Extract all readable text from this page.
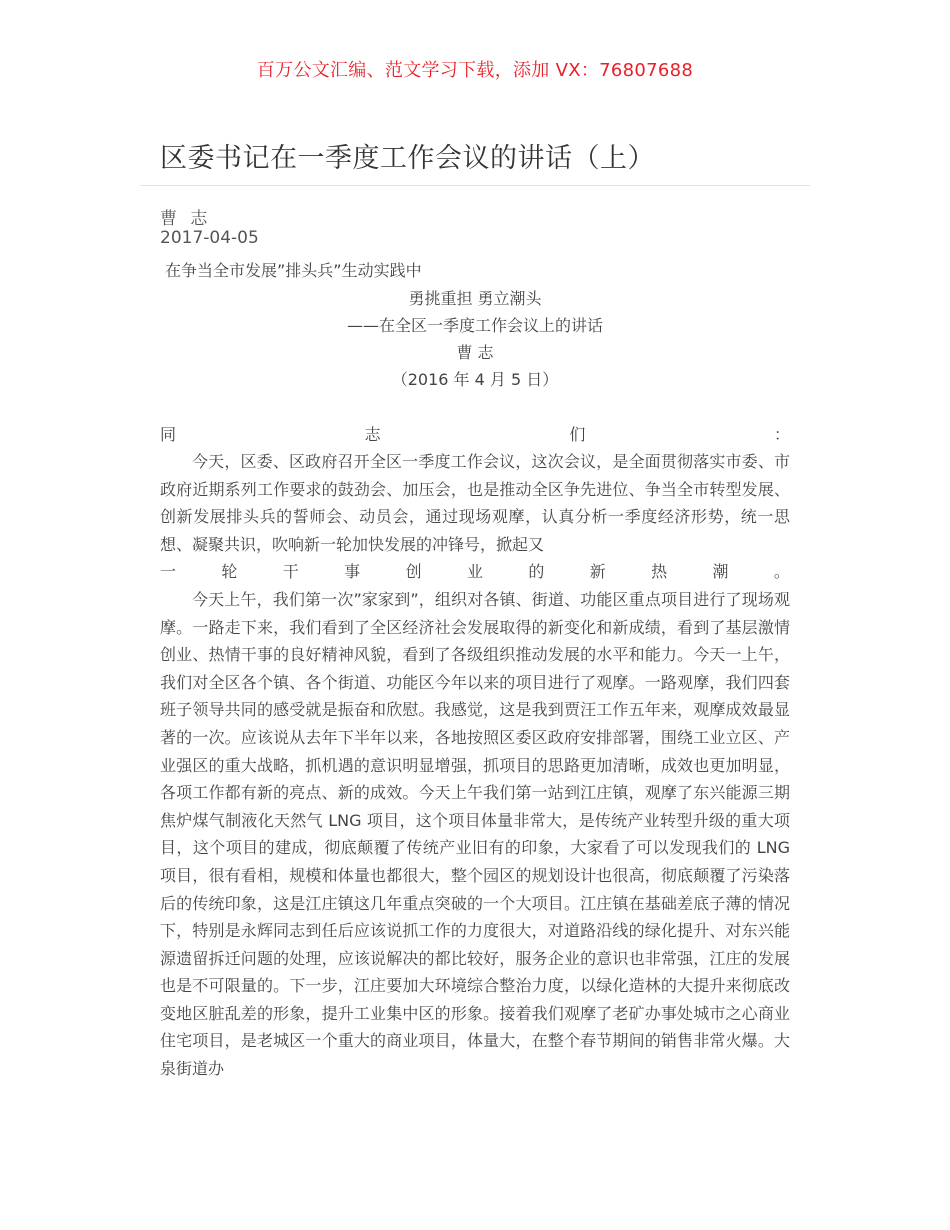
百万公文汇编、范文学习下载，添加 VX：76807688
区委书记在一季度工作会议的讲话（上）
曹 志
2017-04-05
在争当全市发展”排头兵”生动实践中
勇挑重担 勇立潮头
——在全区一季度工作会议上的讲话
曹 志
（2016 年 4 月 5 日）
同	志	们	：

今天，区委、区政府召开全区一季度工作会议，这次会议，是全面贯彻落实市委、市政府近期系列工作要求的鼓劲会、加压会，也是推动全区争先进位、争当全市转型发展、创新发展排头兵的誓师会、动员会，通过现场观摩，认真分析一季度经济形势，统一思想、凝聚共识，吹响新一轮加快发展的冲锋号，掀起又

一	轮	干	事	创	业	的	新	热	潮	。

今天上午，我们第一次”家家到”，组织对各镇、街道、功能区重点项目进行了现场观摩。一路走下来，我们看到了全区经济社会发展取得的新变化和新成绩，看到了基层激情创业、热情干事的良好精神风貌，看到了各级组织推动发展的水平和能力。今天一上午，我们对全区各个镇、各个街道、功能区今年以来的项目进行了观摩。一路观摩，我们四套班子领导共同的感受就是振奋和欣慰。我感觉，这是我到贾汪工作五年来，观摩成效最显著的一次。应该说从去年下半年以来，各地按照区委区政府安排部署，围绕工业立区、产业强区的重大战略，抓机遇的意识明显增强，抓项目的思路更加清晰，成效也更加明显，各项工作都有新的亮点、新的成效。今天上午我们第一站到江庄镇，观摩了东兴能源三期焦炉煤气制液化天然气 LNG 项目，这个项目体量非常大，是传统产业转型升级的重大项目，这个项目的建成，彻底颠覆了传统产业旧有的印象，大家看了可以发现我们的 LNG 项目，很有看相，规模和体量也都很大，整个园区的规划设计也很高，彻底颠覆了污染落后的传统印象，这是江庄镇这几年重点突破的一个大项目。江庄镇在基础差底子薄的情况下，特别是永辉同志到任后应该说抓工作的力度很大，对道路沿线的绿化提升、对东兴能源遗留拆迁问题的处理，应该说解决的都比较好，服务企业的意识也非常强，江庄的发展也是不可限量的。下一步，江庄要加大环境综合整治力度，以绿化造林的大提升来彻底改变地区脏乱差的形象，提升工业集中区的形象。接着我们观摩了老矿办事处城市之心商业住宅项目，是老城区一个重大的商业项目，体量大，在整个春节期间的销售非常火爆。大泉街道办
